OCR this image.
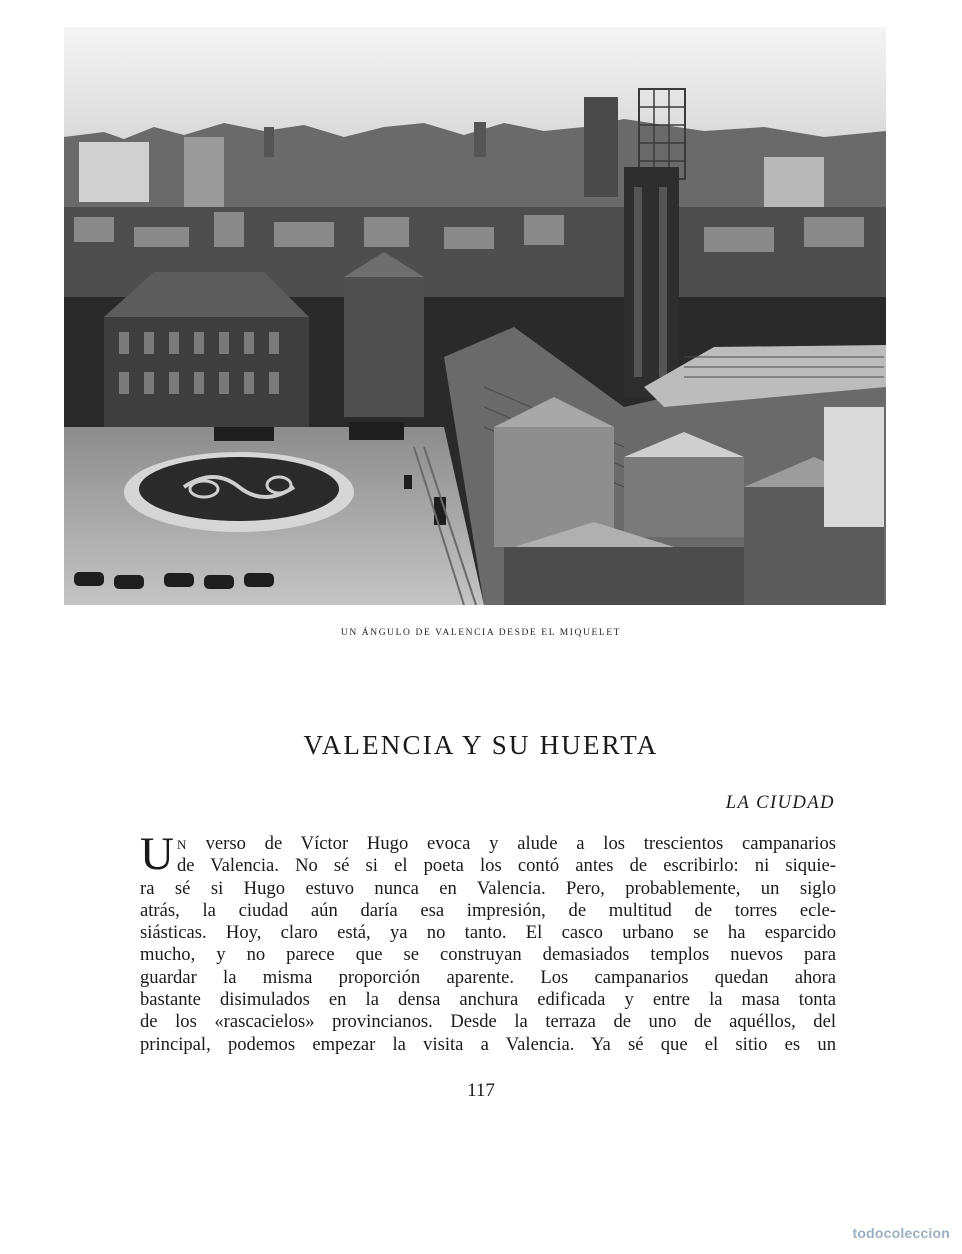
UN ÁNGULO DE VALENCIA DESDE EL MIQUELET
VALENCIA Y SU HUERTA
LA CIUDAD
U N verso de Víctor Hugo evoca y alude a los trescientos campanarios
de Valencia. No sé si el poeta los contó antes de escribirlo: ni siquie-
ra sé si Hugo estuvo nunca en Valencia. Pero, probablemente, un siglo
atrás, la ciudad aún daría esa impresión, de multitud de torres ecle-
siásticas. Hoy, claro está, ya no tanto. El casco urbano se ha esparcido
mucho, y no parece que se construyan demasiados templos nuevos para
guardar la misma proporción aparente. Los campanarios quedan ahora
bastante disimulados en la densa anchura edificada y entre la masa tonta
de los «rascacielos» provincianos. Desde la terraza de uno de aquéllos, del
principal, podemos empezar la visita a Valencia. Ya sé que el sitio es un
117
todocoleccion
